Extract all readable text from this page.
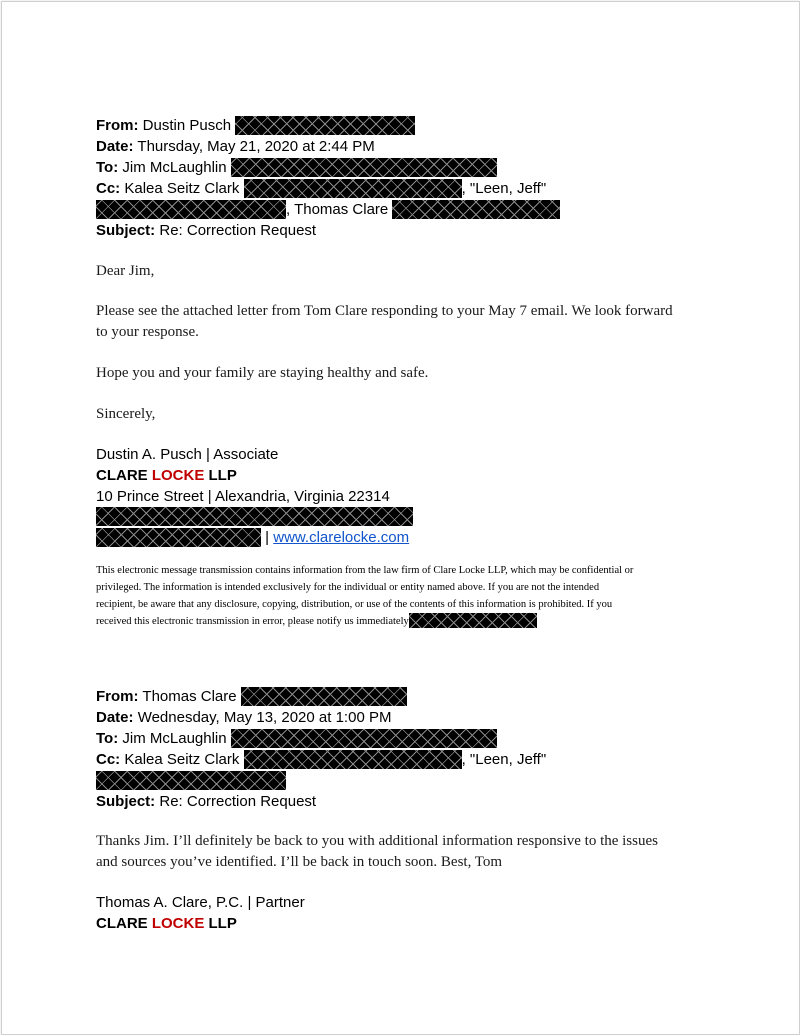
From: Dustin Pusch
Date: Thursday, May 21, 2020 at 2:44 PM
To: Jim McLaughlin
Cc: Kalea Seitz Clark	, "Leen, Jeff"
, Thomas Clare
Subject: Re: Correction Request
Dear Jim,
Please see the attached letter from Tom Clare responding to your May 7 email. We look forward
to your response.
Hope you and your family are staying healthy and safe.
Sincerely,
Dustin A. Pusch | Associate
CLARE LOCKE LLP
10 Prince Street | Alexandria, Virginia 22314
| www.clarelocke.com
This electronic message transmission contains information from the law firm of Clare Locke LLP, which may be confidential or
privileged. The information is intended exclusively for the individual or entity named above. If you are not the intended
recipient, be aware that any disclosure, copying, distribution, or use of the contents of this information is prohibited. If you
received this electronic transmission in error, please notify us immediately
From: Thomas Clare
Date: Wednesday, May 13, 2020 at 1:00 PM
To: Jim McLaughlin
Cc: Kalea Seitz Clark	, "Leen, Jeff"
Subject: Re: Correction Request
Thanks Jim. I’ll definitely be back to you with additional information responsive to the issues
and sources you’ve identified. I’ll be back in touch soon. Best, Tom
Thomas A. Clare, P.C. | Partner
CLARE LOCKE LLP
